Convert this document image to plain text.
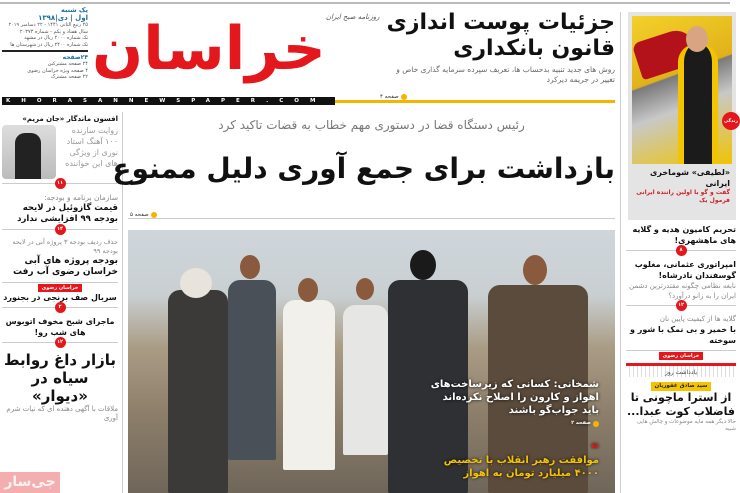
یک شنبه
اول | دی|۱۳۹۸
۲۵ ربیع الثانی ۱۴۴۱ - ۲۲ دسامبر ۲۰۱۹
سال هفتاد و یکم - شماره ۲۰۳۷۳
تک شماره ۲۰۰۰ ریال در مشهد
تک شماره ۲۴۰۰ ریال در شهرستان ها
۲۴صفحه
۲۴ صفحه مشترکین
۴ صفحه ویژه خراسان رضوی
۲۲ صفحه مشترک خراسان روزنامه صبح ایران
KHORASANNEWSPAPER.COM
جزئیات پوست اندازی قانون بانکداری
روش های جدید تنبیه بدحساب ها، تعریف سپرده سرمایه گذاری خاص و تغییر در جریمه دیرکرد
صفحه ۴
زندگی
«لطیفی» شوماخری ایرانی
گفت و گو با اولین راننده ایرانی فرمول یک
رئیس دستگاه قضا در دستوری مهم خطاب به قضات تاکید کرد
بازداشت برای جمع آوری دلیل ممنوع
صفحه ۵
شمخانی: کسانی که زیرساخت‌های اهواز و کارون را اصلاح نکرده‌اند باید جواب‌گو باشند
صفحه ۲
❝
موافقت رهبر انقلاب با تخصیص ۴۰۰۰ میلیارد تومان به اهواز
افسون ماندگار «جان مریم»
روایت سازنده ۱۰۰ آهنگ استاد نوری از ویژگی های این خواننده
۱۱
سازمان برنامه و بودجه:
قیمت گازوئیل در لایحه بودجه ۹۹ افزایشی ندارد
۱۴
حذف ردیف بودجه ۳ پروژه آبی در لایحه بودجه ۹۹
بودجه پروژه های آبی خراسان رضوی آب رفت
خراسان رضوی
سربال صف برنجی در بجنورد
۲
ماجرای شبح مخوف اتوبوس های شب رو!
۱۲
بازار داغ روابط سیاه در «دیوار»
ملاقات با آگهی دهنده ای که نیات شرم آوری
جی‌سار
تحریم کامیون هدیه و گلایه های ماهشهری!
۸
امپراتوری عثمانی، مغلوب گوسفندان نادرشاه!
نابغه نظامی چگونه مقتدرترین دشمن ایران را به زانو درآورد؟
۱۲
گلایه ها از کیفیت پایین نان
با خمیر و بی نمک با شور و سوخته
خراسان رضوی
یادداشت روز
سید صادق غفوریان
از استرا ماچونی تا فاضلاب کوت عبدا...
حالا دیگر همه مایه موضوعات و چالش هایی شبیه
